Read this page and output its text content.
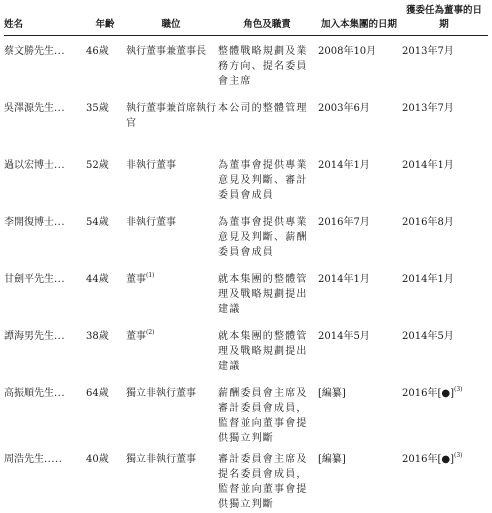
姓名	年齡	職位	角色及職責	加入本集團的日期	獲委任為董事的日期
蔡文勝先生...	46歲	執行董事兼董事長	整體戰略規劃及業務方向、提名委員會主席	2008年10月	2013年7月
吳澤源先生...	35歲	執行董事兼首席執行官	本公司的整體管理	2003年6月	2013年7月
過以宏博士...	52歲	非執行董事	為董事會提供專業意見及判斷、審計委員會成員	2014年1月	2014年1月
李開復博士...	54歲	非執行董事	為董事會提供專業意見及判斷、薪酬委員會成員	2016年7月	2016年8月
甘劍平先生...	44歲	董事$^{(1)}$	就本集團的整體管理及戰略規劃提出建議	2014年1月	2014年1月
譚海男先生...	38歲	董事$^{(2)}$	就本集團的整體管理及戰略規劃提出建議	2014年5月	2014年5月
高振順先生...	64歲	獨立非執行董事	薪酬委員會主席及審計委員會成員，監督並向董事會提供獨立判斷	[編纂]	2016年[●]$^{(3)}$
周浩先生.....	40歲	獨立非執行董事	審計委員會主席及提名委員會成員，監督並向董事會提供獨立判斷	[編纂]	2016年[●]$^{(3)}$
